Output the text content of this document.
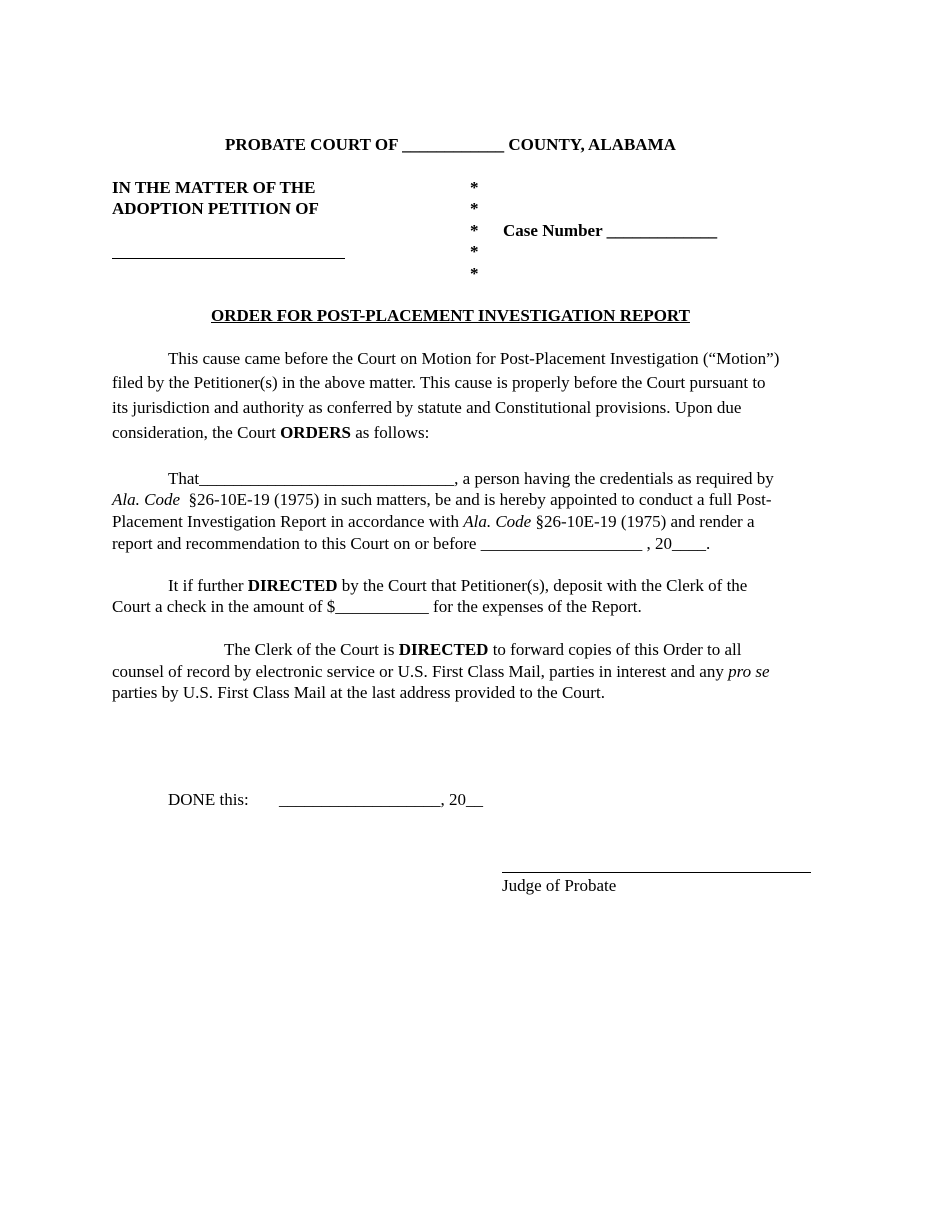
PROBATE COURT OF ____________ COUNTY, ALABAMA
IN THE MATTER OF THE
ADOPTION PETITION OF
*
*
*
*
*
Case Number _____________
ORDER FOR POST-PLACEMENT INVESTIGATION REPORT
This cause came before the Court on Motion for Post-Placement Investigation (“Motion”)
filed by the Petitioner(s) in the above matter. This cause is properly before the Court pursuant to
its jurisdiction and authority as conferred by statute and Constitutional provisions. Upon due
consideration, the Court ORDERS as follows:
That______________________________, a person having the credentials as required by
Ala. Code §26-10E-19 (1975) in such matters, be and is hereby appointed to conduct a full Post-
Placement Investigation Report in accordance with Ala. Code §26-10E-19 (1975) and render a
report and recommendation to this Court on or before ___________________ , 20____.
It if further DIRECTED by the Court that Petitioner(s), deposit with the Clerk of the
Court a check in the amount of $___________ for the expenses of the Report.
The Clerk of the Court is DIRECTED to forward copies of this Order to all
counsel of record by electronic service or U.S. First Class Mail, parties in interest and any pro se
parties by U.S. First Class Mail at the last address provided to the Court.
DONE this: ___________________, 20__
Judge of Probate
